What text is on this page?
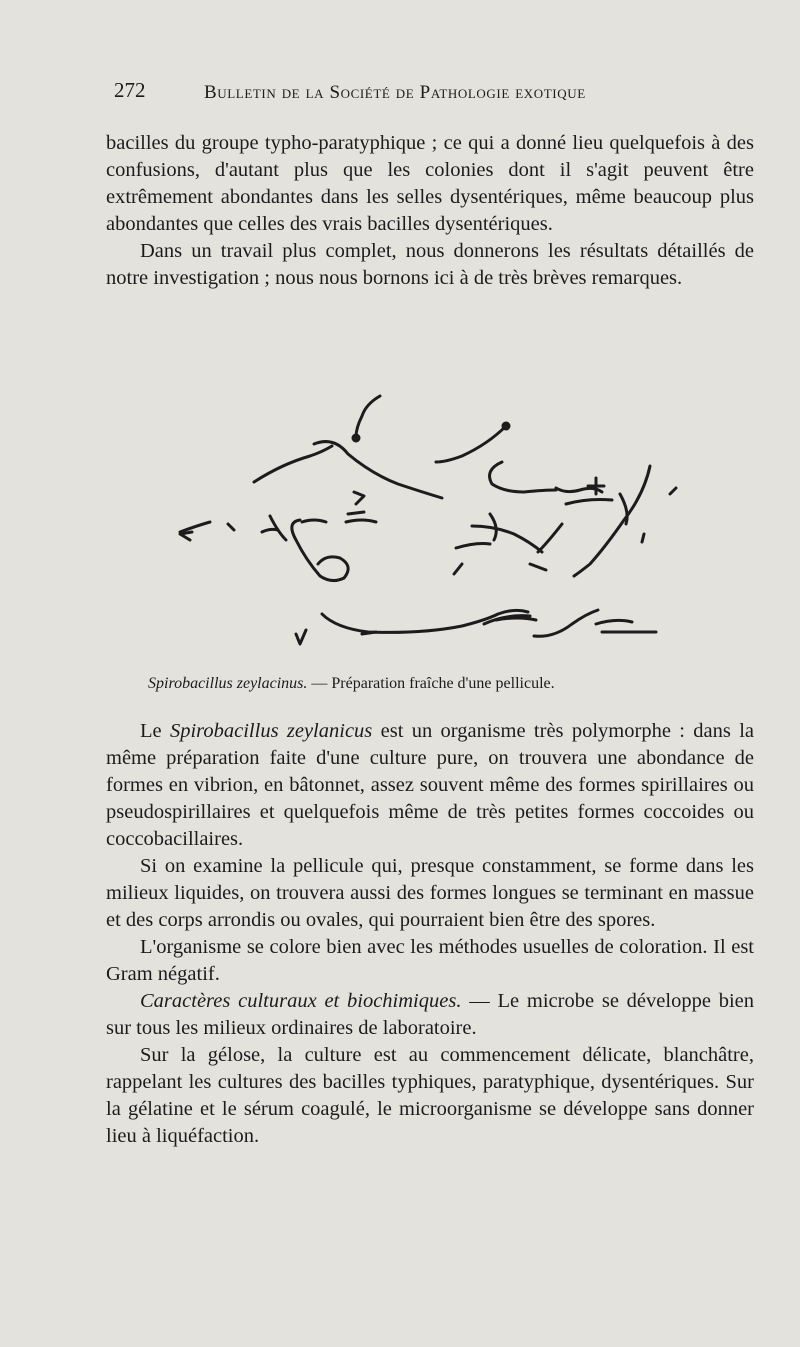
272	Bulletin de la Société de Pathologie exotique

bacilles du groupe typho-paratyphique ; ce qui a donné lieu quelquefois à des confusions, d'autant plus que les colonies dont il s'agit peuvent être extrêmement abondantes dans les selles dysentériques, même beaucoup plus abondantes que celles des vrais bacilles dysentériques.

Dans un travail plus complet, nous donnerons les résultats détaillés de notre investigation ; nous nous bornons ici à de très brèves remarques.

Spirobacillus zeylacinus. — Préparation fraîche d'une pellicule.

Le Spirobacillus zeylanicus est un organisme très polymorphe : dans la même préparation faite d'une culture pure, on trouvera une abondance de formes en vibrion, en bâtonnet, assez souvent même des formes spirillaires ou pseudospirillaires et quelquefois même de très petites formes coccoides ou coccobacillaires.

Si on examine la pellicule qui, presque constamment, se forme dans les milieux liquides, on trouvera aussi des formes longues se terminant en massue et des corps arrondis ou ovales, qui pourraient bien être des spores.

L'organisme se colore bien avec les méthodes usuelles de coloration. Il est Gram négatif.

Caractères culturaux et biochimiques. — Le microbe se développe bien sur tous les milieux ordinaires de laboratoire.

Sur la gélose, la culture est au commencement délicate, blanchâtre, rappelant les cultures des bacilles typhiques, paratyphique, dysentériques. Sur la gélatine et le sérum coagulé, le microorganisme se développe sans donner lieu à liquéfaction.
